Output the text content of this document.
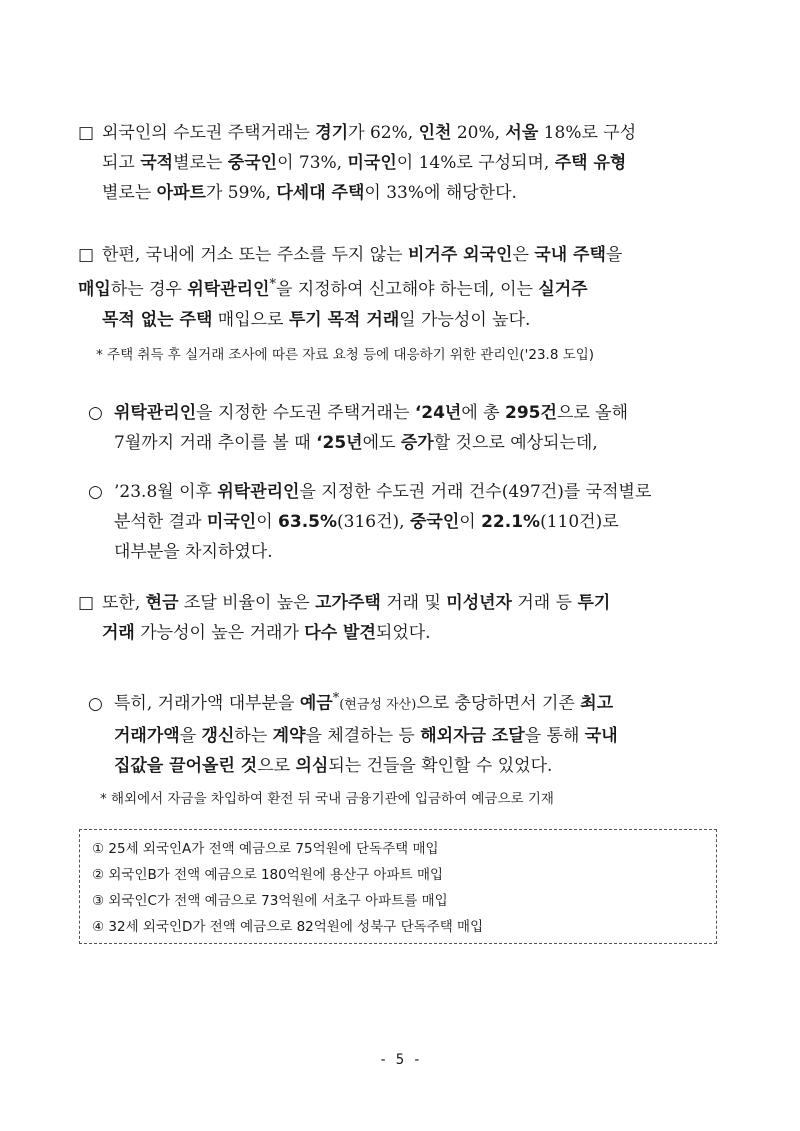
□ 외국인의 수도권 주택거래는 경기가 62%, 인천 20%, 서울 18%로 구성
되고 국적별로는 중국인이 73%, 미국인이 14%로 구성되며, 주택 유형
별로는 아파트가 59%, 다세대 주택이 33%에 해당한다.
□ 한편, 국내에 거소 또는 주소를 두지 않는 비거주 외국인은 국내 주택을
매입하는 경우 위탁관리인*을 지정하여 신고해야 하는데, 이는 실거주
목적 없는 주택 매입으로 투기 목적 거래일 가능성이 높다.
* 주택 취득 후 실거래 조사에 따른 자료 요청 등에 대응하기 위한 관리인('23.8 도입)
○ 위탁관리인을 지정한 수도권 주택거래는 ‘24년에 총 295건으로 올해
7월까지 거래 추이를 볼 때 ‘25년에도 증가할 것으로 예상되는데,
○ ’23.8월 이후 위탁관리인을 지정한 수도권 거래 건수(497건)를 국적별로
분석한 결과 미국인이 63.5%(316건), 중국인이 22.1%(110건)로
대부분을 차지하였다.
□ 또한, 현금 조달 비율이 높은 고가주택 거래 및 미성년자 거래 등 투기
거래 가능성이 높은 거래가 다수 발견되었다.
○ 특히, 거래가액 대부분을 예금*(현금성 자산)으로 충당하면서 기존 최고
거래가액을 갱신하는 계약을 체결하는 등 해외자금 조달을 통해 국내
집값을 끌어올린 것으로 의심되는 건들을 확인할 수 있었다.
* 해외에서 자금을 차입하여 환전 뒤 국내 금융기관에 입금하여 예금으로 기재
① 25세 외국인A가 전액 예금으로 75억원에 단독주택 매입
② 외국인B가 전액 예금으로 180억원에 용산구 아파트 매입
③ 외국인C가 전액 예금으로 73억원에 서초구 아파트를 매입
④ 32세 외국인D가 전액 예금으로 82억원에 성북구 단독주택 매입
- 5 -
